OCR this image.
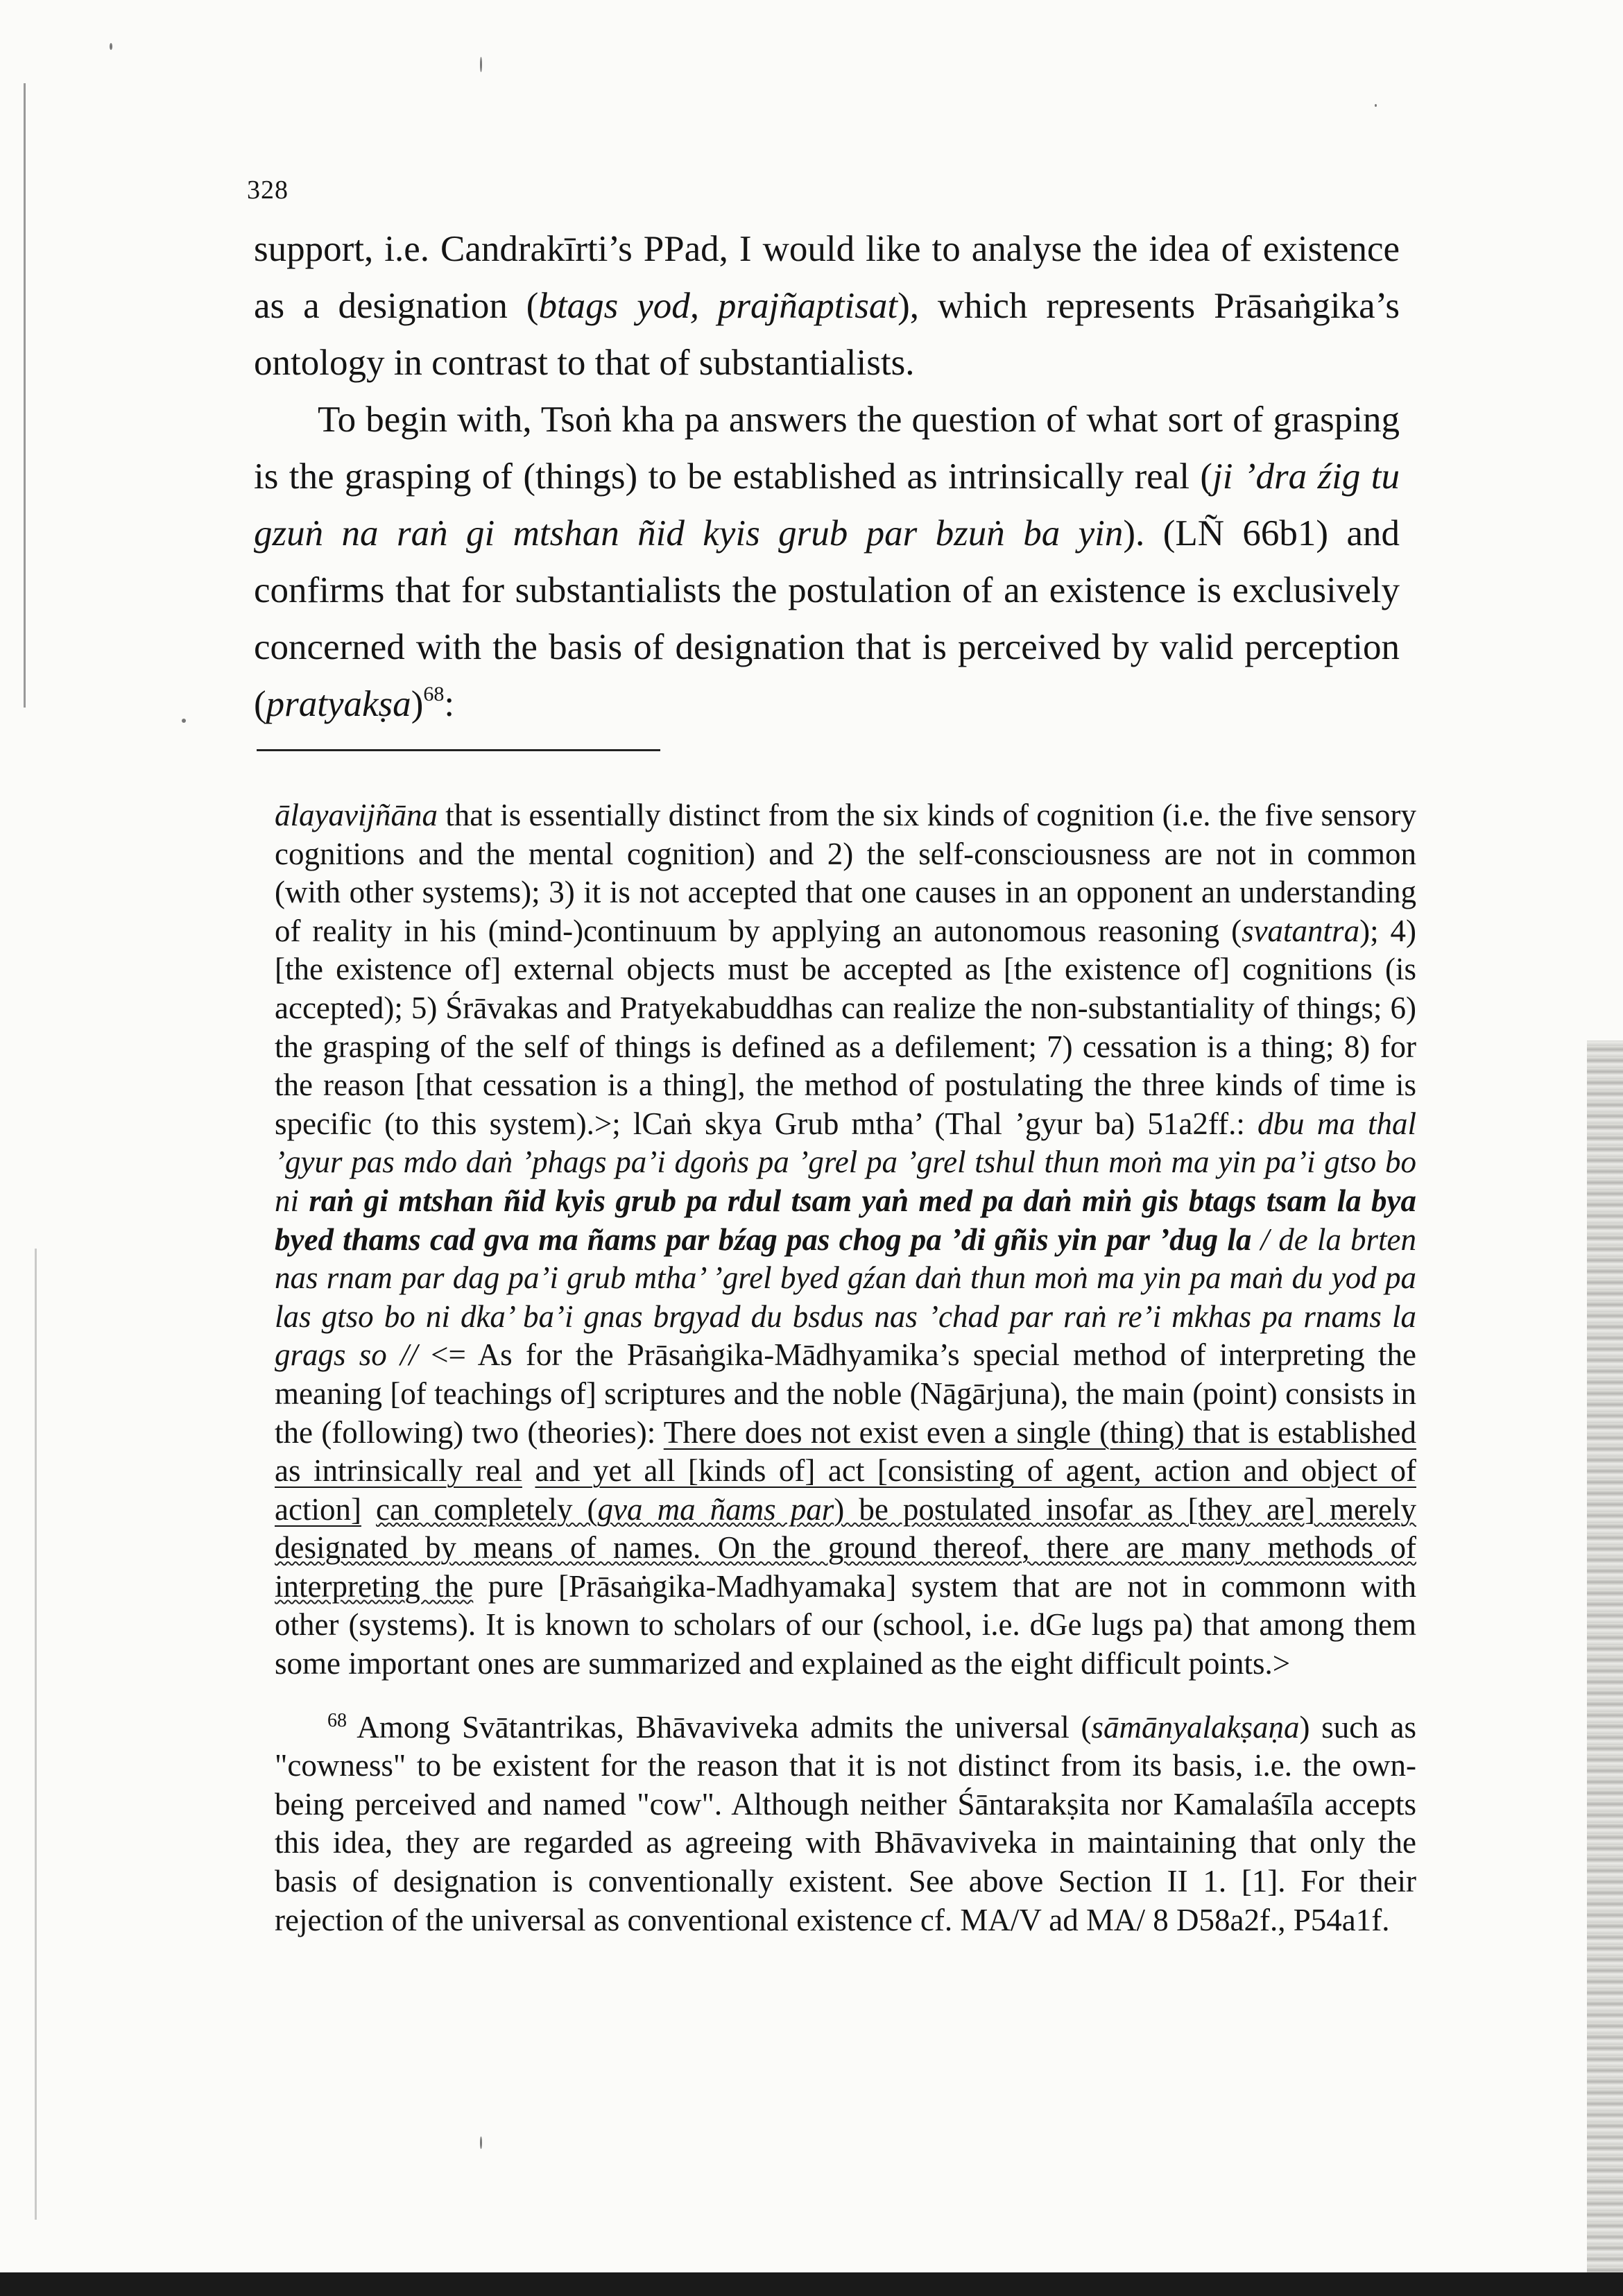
328

support, i.e. Candrakīrti’s PPad, I would like to analyse the idea of existence as a designation (btags yod, prajñaptisat), which represents Prāsaṅgika’s ontology in contrast to that of substantialists.

To begin with, Tsoṅ kha pa answers the question of what sort of grasping is the grasping of (things) to be established as intrinsically real (ji ’dra źig tu gzuṅ na raṅ gi mtshan ñid kyis grub par bzuṅ ba yin). (LÑ 66b1) and confirms that for substantialists the postulation of an existence is exclusively concerned with the basis of designation that is perceived by valid perception (pratyakṣa)$^{68}$:

ālayavijñāna that is essentially distinct from the six kinds of cognition (i.e. the five sensory cognitions and the mental cognition) and 2) the self-consciousness are not in common (with other systems); 3) it is not accepted that one causes in an opponent an understanding of reality in his (mind-)continuum by applying an autonomous reasoning (svatantra); 4) [the existence of] external objects must be accepted as [the existence of] cognitions (is accepted); 5) Śrāvakas and Pratyekabuddhas can realize the non-substantiality of things; 6) the grasping of the self of things is defined as a defilement; 7) cessation is a thing; 8) for the reason [that cessation is a thing], the method of postulating the three kinds of time is specific (to this system).>; lCaṅ skya Grub mtha’ (Thal ’gyur ba) 51a2ff.: dbu ma thal ’gyur pas mdo daṅ ’phags pa’i dgoṅs pa ’grel pa ’grel tshul thun moṅ ma yin pa’i gtso bo ni raṅ gi mtshan ñid kyis grub pa rdul tsam yaṅ med pa daṅ miṅ gis btags tsam la bya byed thams cad gva ma ñams par bźag pas chog pa ’di gñis yin par ’dug la / de la brten nas rnam par dag pa’i grub mtha’ ’grel byed gźan daṅ thun moṅ ma yin pa maṅ du yod pa las gtso bo ni dka’ ba’i gnas brgyad du bsdus nas ’chad par raṅ re’i mkhas pa rnams la grags so // <= As for the Prāsaṅgika-Mādhyamika’s special method of interpreting the meaning [of teachings of] scriptures and the noble (Nāgārjuna), the main (point) consists in the (following) two (theories): There does not exist even a single (thing) that is established as intrinsically real and yet all [kinds of] act [consisting of agent, action and object of action] can completely (gva ma ñams par) be postulated insofar as [they are] merely designated by means of names. On the ground thereof, there are many methods of interpreting the pure [Prāsaṅgika-Madhyamaka] system that are not in commonn with other (systems). It is known to scholars of our (school, i.e. dGe lugs pa) that among them some important ones are summarized and explained as the eight difficult points.>

$^{68}$ Among Svātantrikas, Bhāvaviveka admits the universal (sāmānyalakṣaṇa) such as "cowness" to be existent for the reason that it is not distinct from its basis, i.e. the own-being perceived and named "cow". Although neither Śāntarakṣita nor Kamalaśīla accepts this idea, they are regarded as agreeing with Bhāvaviveka in maintaining that only the basis of designation is conventionally existent. See above Section II 1. [1]. For their rejection of the universal as conventional existence cf. MA/V ad MA/ 8 D58a2f., P54a1f.
